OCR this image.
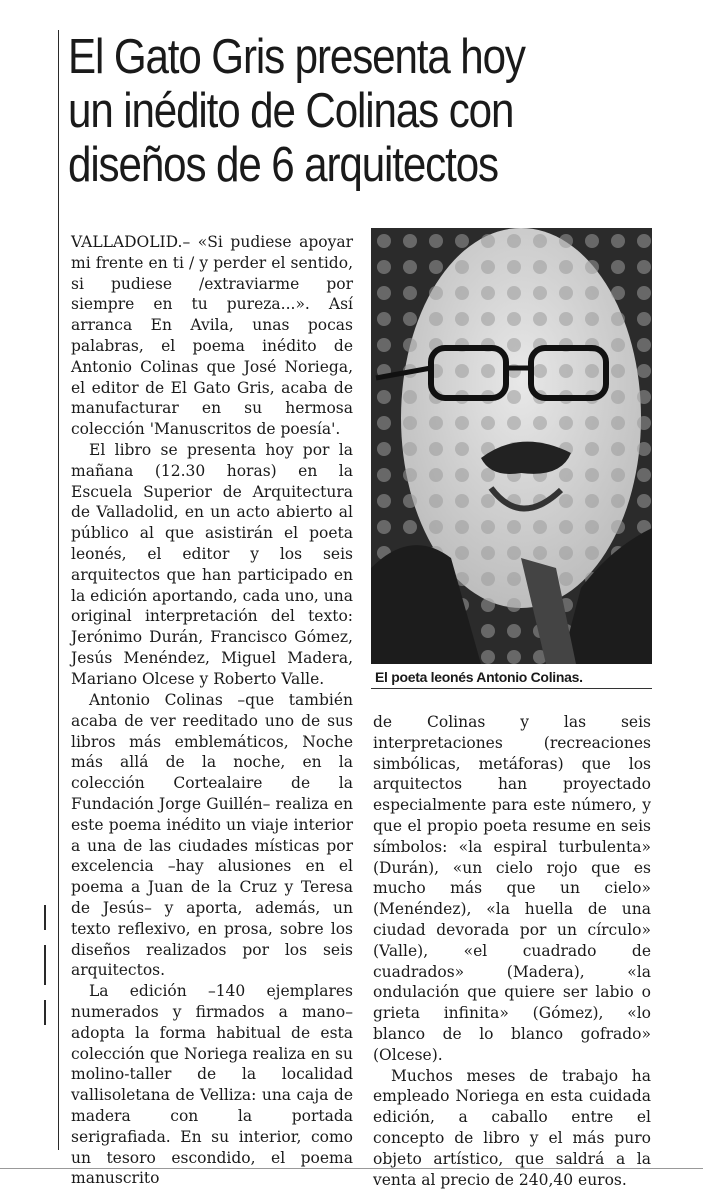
El Gato Gris presenta hoy
un inédito de Colinas con
diseños de 6 arquitectos

VALLADOLID.– «Si pudiese apoyar mi frente en ti / y perder el sentido, si pudiese /extraviarme por siempre en tu pureza...». Así arranca En Avila, unas pocas palabras, el poema inédito de Antonio Colinas que José Noriega, el editor de El Gato Gris, acaba de manufacturar en su hermosa colección 'Manuscritos de poesía'.

El libro se presenta hoy por la mañana (12.30 horas) en la Escuela Superior de Arquitectura de Valladolid, en un acto abierto al público al que asistirán el poeta leonés, el editor y los seis arquitectos que han participado en la edición aportando, cada uno, una original interpretación del texto: Jerónimo Durán, Francisco Gómez, Jesús Menéndez, Miguel Madera, Mariano Olcese y Roberto Valle.

Antonio Colinas –que también acaba de ver reeditado uno de sus libros más emblemáticos, Noche más allá de la noche, en la colección Cortealaire de la Fundación Jorge Guillén– realiza en este poema inédito un viaje interior a una de las ciudades místicas por excelencia –hay alusiones en el poema a Juan de la Cruz y Teresa de Jesús– y aporta, además, un texto reflexivo, en prosa, sobre los diseños realizados por los seis arquitectos.

La edición –140 ejemplares numerados y firmados a mano– adopta la forma habitual de esta colección que Noriega realiza en su molino-taller de la localidad vallisoletana de Velliza: una caja de madera con la portada serigrafiada. En su interior, como un tesoro escondido, el poema manuscrito

El poeta leonés Antonio Colinas.

de Colinas y las seis interpretaciones (recreaciones simbólicas, metáforas) que los arquitectos han proyectado especialmente para este número, y que el propio poeta resume en seis símbolos: «la espiral turbulenta» (Durán), «un cielo rojo que es mucho más que un cielo» (Menéndez), «la huella de una ciudad devorada por un círculo» (Valle), «el cuadrado de cuadrados» (Madera), «la ondulación que quiere ser labio o grieta infinita» (Gómez), «lo blanco de lo blanco gofrado» (Olcese).

Muchos meses de trabajo ha empleado Noriega en esta cuidada edición, a caballo entre el concepto de libro y el más puro objeto artístico, que saldrá a la venta al precio de 240,40 euros.
